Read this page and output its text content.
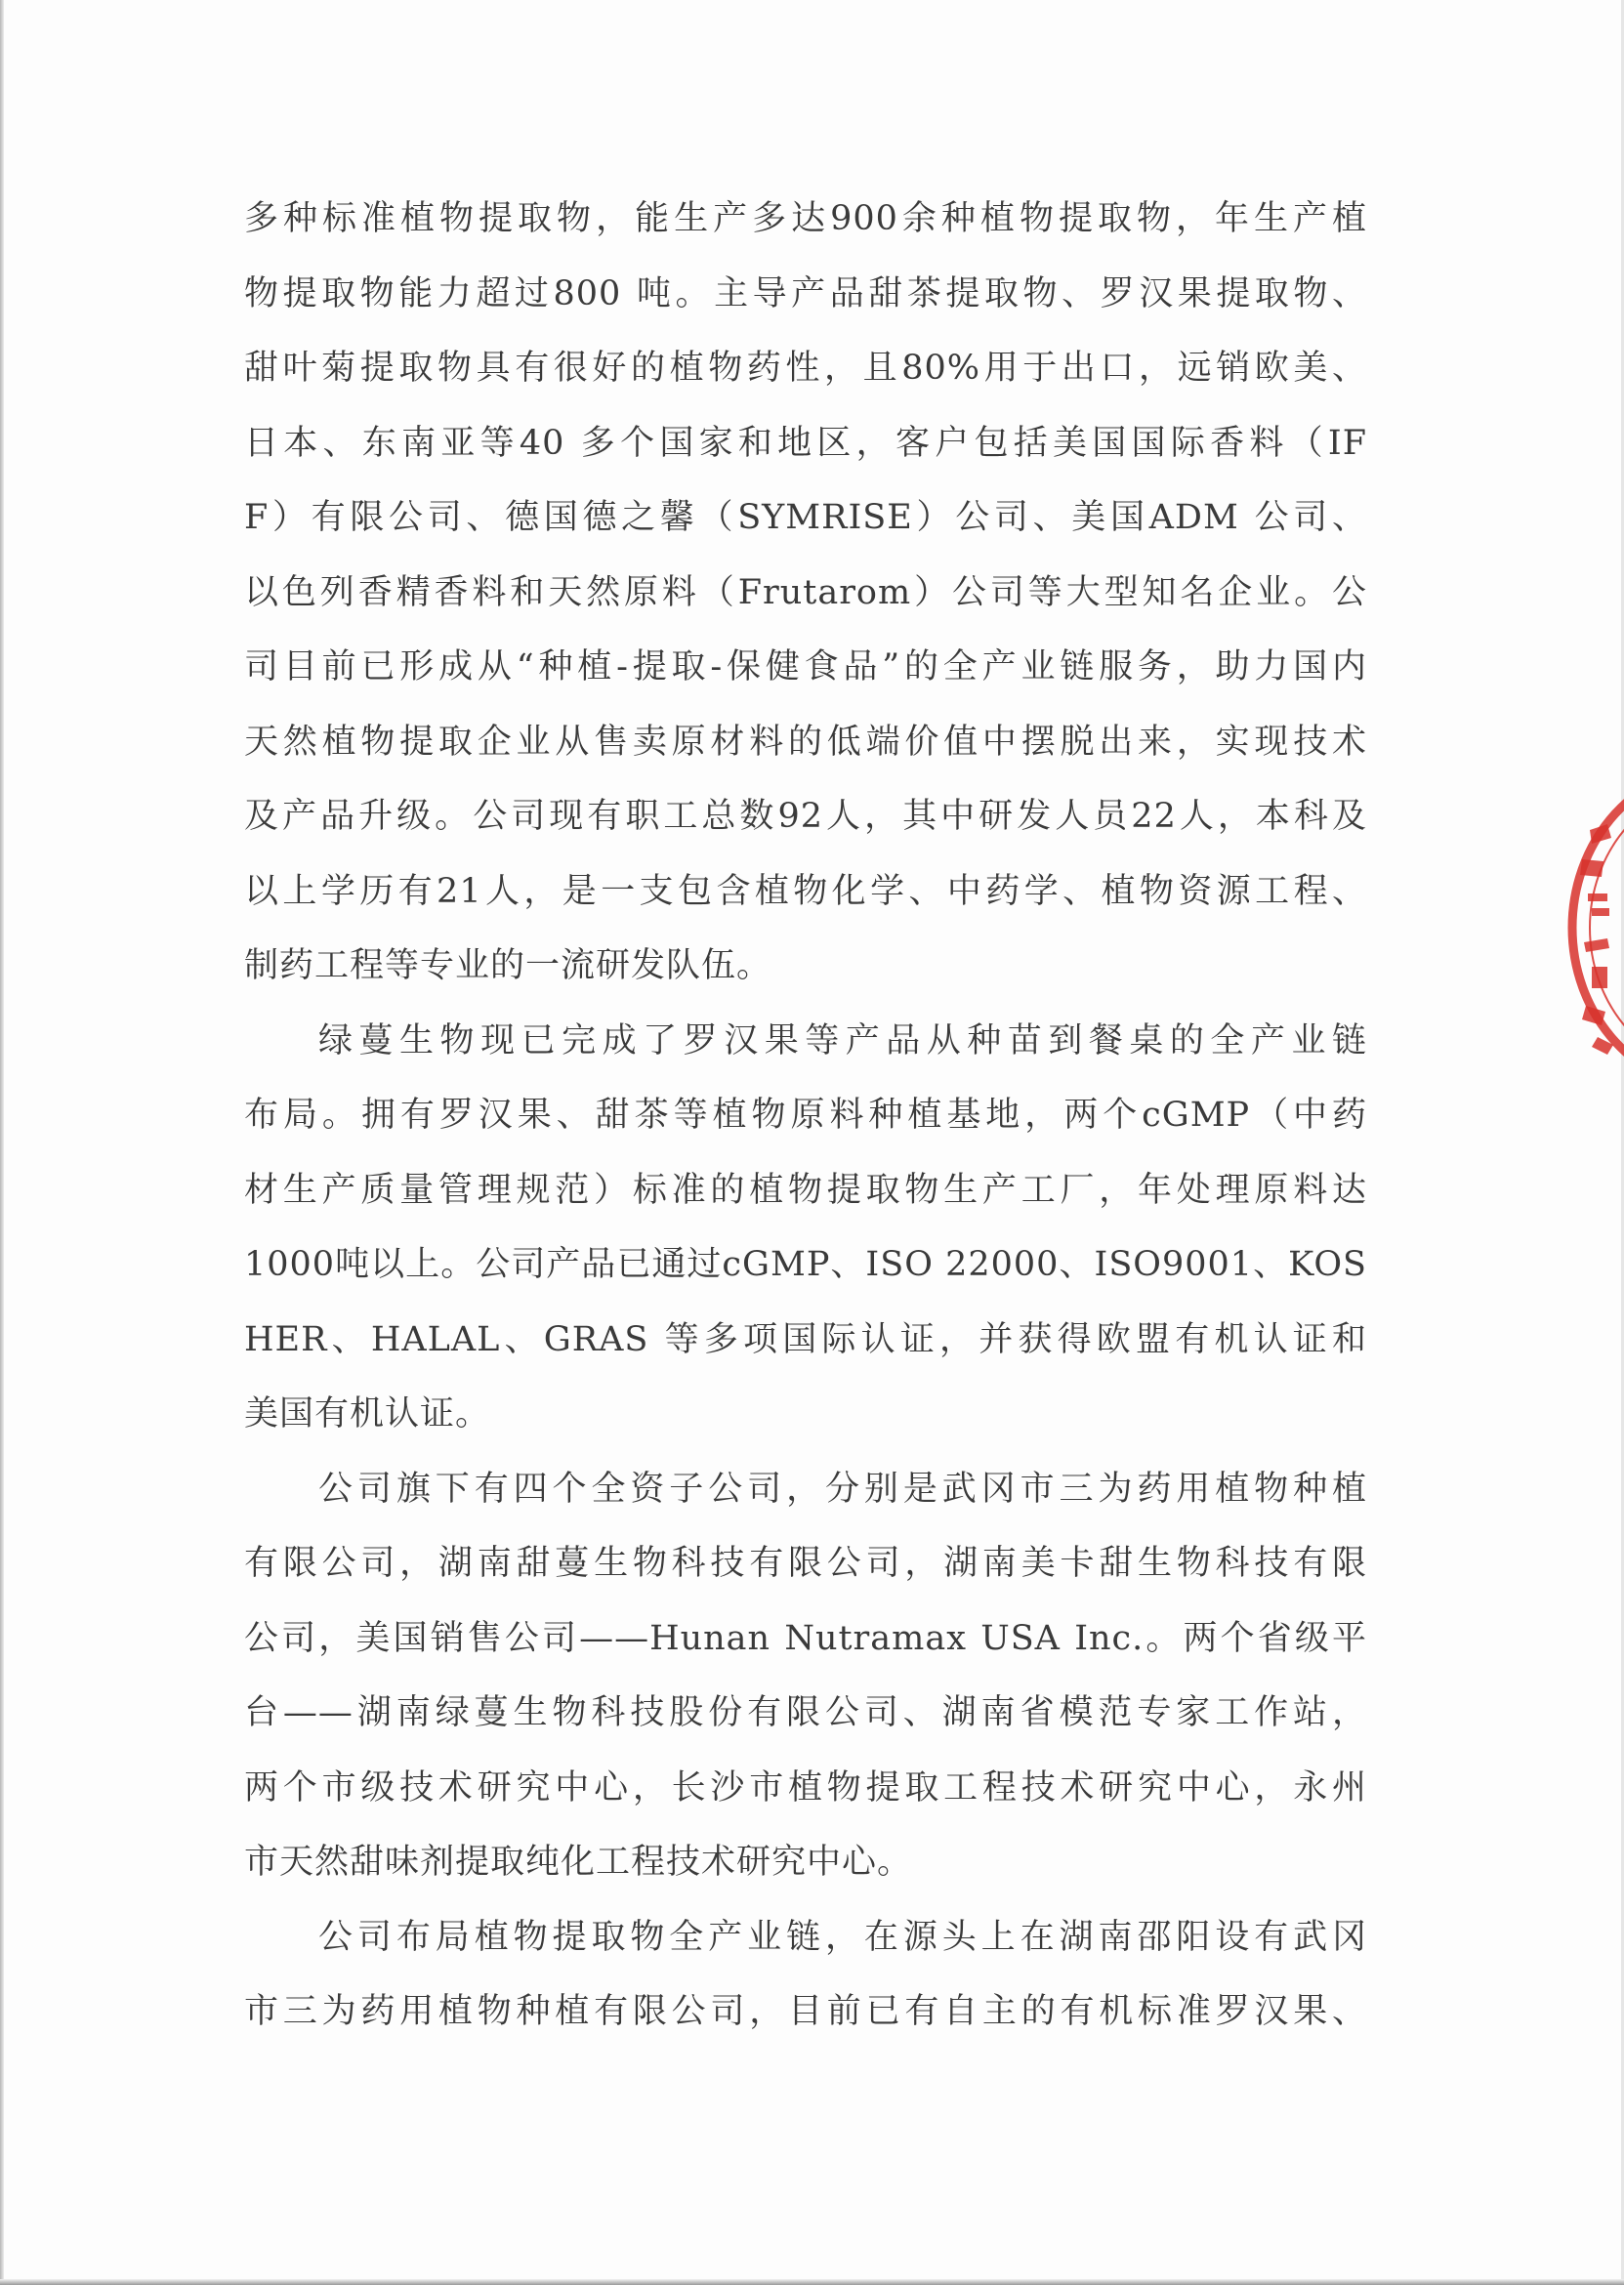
多种标准植物提取物，能生产多达900余种植物提取物，年生产植
物提取物能力超过800 吨。主导产品甜茶提取物、罗汉果提取物、
甜叶菊提取物具有很好的植物药性，且80%用于出口，远销欧美、
日本、东南亚等40 多个国家和地区，客户包括美国国际香料（IF
F）有限公司、德国德之馨（SYMRISE）公司、美国ADM 公司、
以色列香精香料和天然原料（Frutarom）公司等大型知名企业。公
司目前已形成从“种植-提取-保健食品”的全产业链服务，助力国内
天然植物提取企业从售卖原材料的低端价值中摆脱出来，实现技术
及产品升级。公司现有职工总数92人，其中研发人员22人，本科及
以上学历有21人，是一支包含植物化学、中药学、植物资源工程、
制药工程等专业的一流研发队伍。
绿蔓生物现已完成了罗汉果等产品从种苗到餐桌的全产业链
布局。拥有罗汉果、甜茶等植物原料种植基地，两个cGMP（中药
材生产质量管理规范）标准的植物提取物生产工厂，年处理原料达
1000吨以上。公司产品已通过cGMP、ISO 22000、ISO9001、KOS
HER、HALAL、GRAS 等多项国际认证，并获得欧盟有机认证和
美国有机认证。
公司旗下有四个全资子公司，分别是武冈市三为药用植物种植
有限公司，湖南甜蔓生物科技有限公司，湖南美卡甜生物科技有限
公司，美国销售公司——Hunan Nutramax USA Inc.。两个省级平
台——湖南绿蔓生物科技股份有限公司、湖南省模范专家工作站，
两个市级技术研究中心，长沙市植物提取工程技术研究中心，永州
市天然甜味剂提取纯化工程技术研究中心。
公司布局植物提取物全产业链，在源头上在湖南邵阳设有武冈
市三为药用植物种植有限公司，目前已有自主的有机标准罗汉果、
